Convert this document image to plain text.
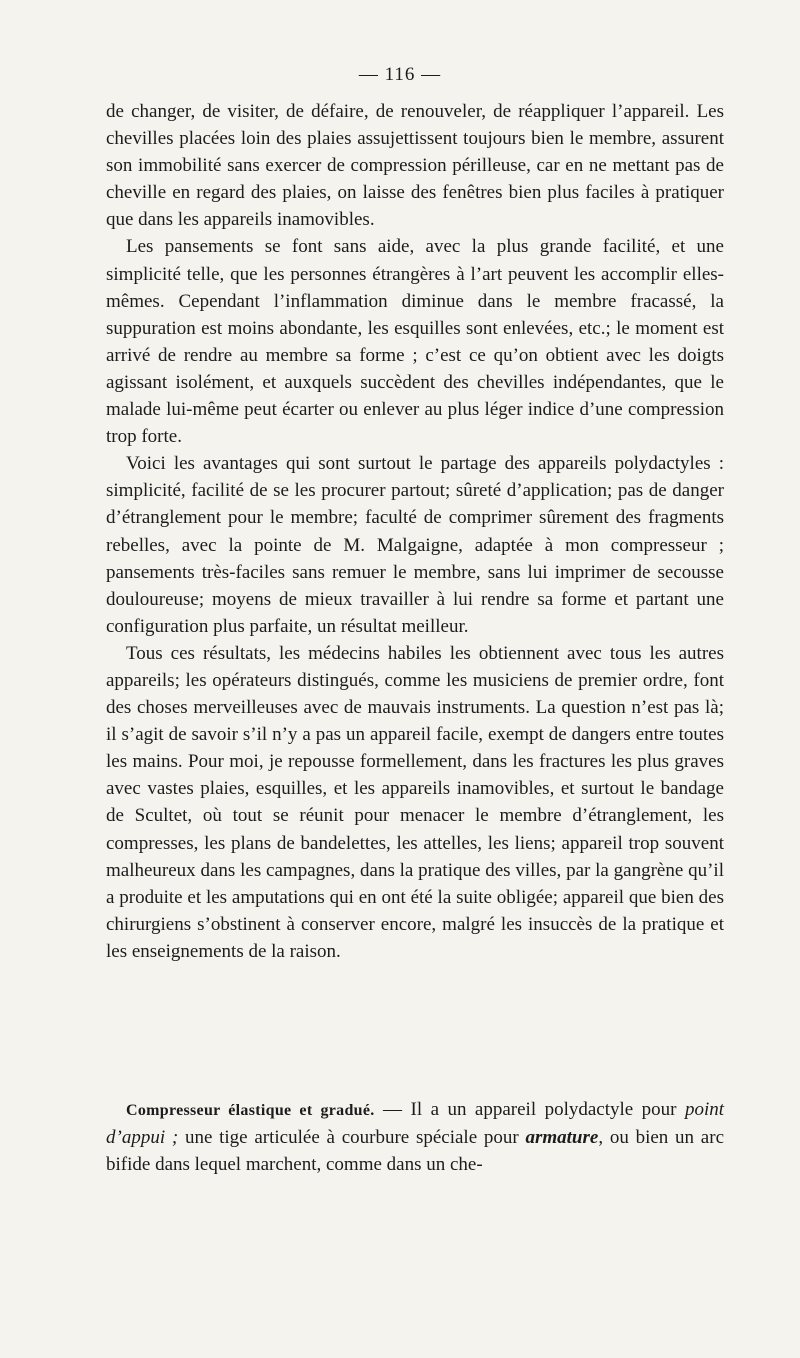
— 116 —

de changer, de visiter, de défaire, de renouveler, de réappliquer l’appareil. Les chevilles placées loin des plaies assujettissent toujours bien le membre, assurent son immobilité sans exercer de compression périlleuse, car en ne mettant pas de cheville en regard des plaies, on laisse des fenêtres bien plus faciles à pratiquer que dans les appareils inamovibles.

Les pansements se font sans aide, avec la plus grande facilité, et une simplicité telle, que les personnes étrangères à l’art peuvent les accomplir elles-mêmes. Cependant l’inflammation diminue dans le membre fracassé, la suppuration est moins abondante, les esquilles sont enlevées, etc.; le moment est arrivé de rendre au membre sa forme ; c’est ce qu’on obtient avec les doigts agissant isolément, et auxquels succèdent des chevilles indépendantes, que le malade lui-même peut écarter ou enlever au plus léger indice d’une compression trop forte.

Voici les avantages qui sont surtout le partage des appareils polydactyles : simplicité, facilité de se les procurer partout; sûreté d’application; pas de danger d’étranglement pour le membre; faculté de comprimer sûrement des fragments rebelles, avec la pointe de M. Malgaigne, adaptée à mon compresseur ; pansements très-faciles sans remuer le membre, sans lui imprimer de secousse douloureuse; moyens de mieux travailler à lui rendre sa forme et partant une configuration plus parfaite, un résultat meilleur.

Tous ces résultats, les médecins habiles les obtiennent avec tous les autres appareils; les opérateurs distingués, comme les musiciens de premier ordre, font des choses merveilleuses avec de mauvais instruments. La question n’est pas là; il s’agit de savoir s’il n’y a pas un appareil facile, exempt de dangers entre toutes les mains. Pour moi, je repousse formellement, dans les fractures les plus graves avec vastes plaies, esquilles, et les appareils inamovibles, et surtout le bandage de Scultet, où tout se réunit pour menacer le membre d’étranglement, les compresses, les plans de bandelettes, les attelles, les liens; appareil trop souvent malheureux dans les campagnes, dans la pratique des villes, par la gangrène qu’il a produite et les amputations qui en ont été la suite obligée; appareil que bien des chirurgiens s’obstinent à conserver encore, malgré les insuccès de la pratique et les enseignements de la raison.

Compresseur élastique et gradué. — Il a un appareil polydactyle pour point d’appui ; une tige articulée à courbure spéciale pour armature, ou bien un arc bifide dans lequel marchent, comme dans un che-
